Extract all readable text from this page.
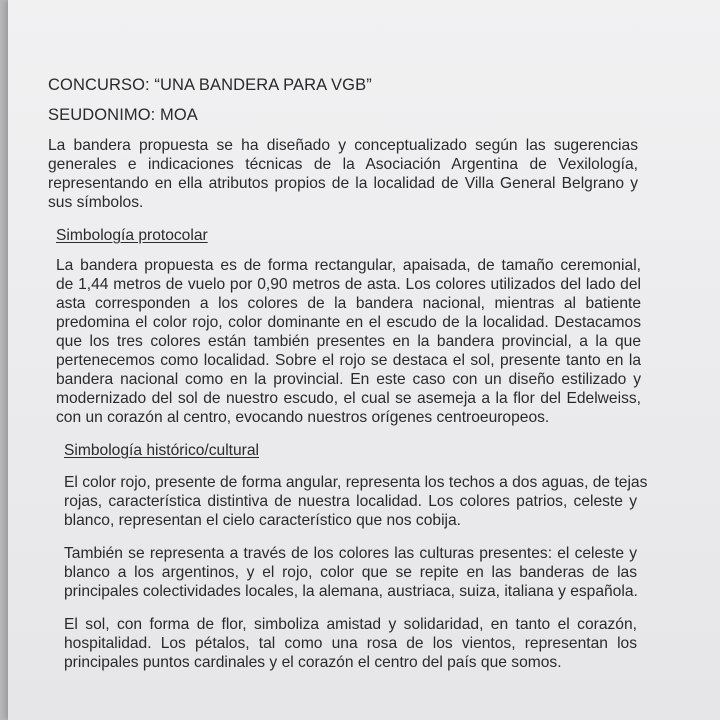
CONCURSO: “UNA BANDERA PARA VGB”
SEUDONIMO: MOA
La bandera propuesta se ha diseñado y conceptualizado según las sugerencias
generales e indicaciones técnicas de la Asociación Argentina de Vexilología,
representando en ella atributos propios de la localidad de Villa General Belgrano y
sus símbolos.
Simbología protocolar
La bandera propuesta es de forma rectangular, apaisada, de tamaño ceremonial,
de 1,44 metros de vuelo por 0,90 metros de asta. Los colores utilizados del lado del
asta corresponden a los colores de la bandera nacional, mientras al batiente
predomina el color rojo, color dominante en el escudo de la localidad. Destacamos
que los tres colores están también presentes en la bandera provincial, a la que
pertenecemos como localidad. Sobre el rojo se destaca el sol, presente tanto en la
bandera nacional como en la provincial. En este caso con un diseño estilizado y
modernizado del sol de nuestro escudo, el cual se asemeja a la flor del Edelweiss,
con un corazón al centro, evocando nuestros orígenes centroeuropeos.
Simbología histórico/cultural
El color rojo, presente de forma angular, representa los techos a dos aguas, de tejas
rojas, característica distintiva de nuestra localidad. Los colores patrios, celeste y
blanco, representan el cielo característico que nos cobija.
También se representa a través de los colores las culturas presentes: el celeste y
blanco a los argentinos, y el rojo, color que se repite en las banderas de las
principales colectividades locales, la alemana, austriaca, suiza, italiana y española.
El sol, con forma de flor, simboliza amistad y solidaridad, en tanto el corazón,
hospitalidad. Los pétalos, tal como una rosa de los vientos, representan los
principales puntos cardinales y el corazón el centro del país que somos.
